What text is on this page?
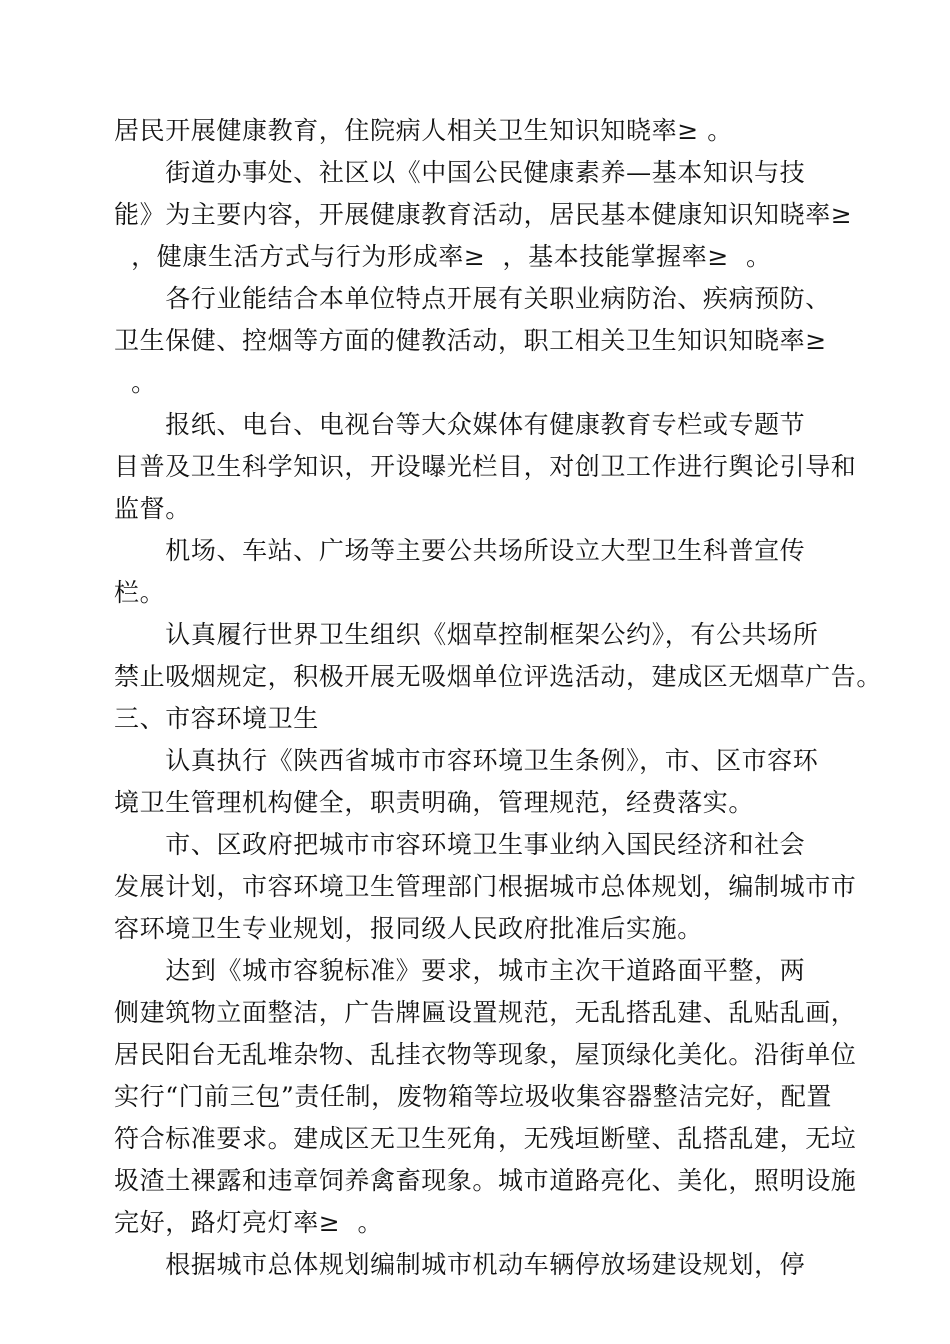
居民开展健康教育，住院病人相关卫生知识知晓率≥ 。
街道办事处、社区以《中国公民健康素养—基本知识与技
能》为主要内容，开展健康教育活动，居民基本健康知识知晓率≥
，健康生活方式与行为形成率≥  ，基本技能掌握率≥  。
各行业能结合本单位特点开展有关职业病防治、疾病预防、
卫生保健、控烟等方面的健教活动，职工相关卫生知识知晓率≥
。
报纸、电台、电视台等大众媒体有健康教育专栏或专题节
目普及卫生科学知识，开设曝光栏目，对创卫工作进行舆论引导和
监督。
机场、车站、广场等主要公共场所设立大型卫生科普宣传
栏。
认真履行世界卫生组织《烟草控制框架公约》，有公共场所
禁止吸烟规定，积极开展无吸烟单位评选活动，建成区无烟草广告。
三、市容环境卫生
认真执行《陕西省城市市容环境卫生条例》，市、区市容环
境卫生管理机构健全，职责明确，管理规范，经费落实。
市、区政府把城市市容环境卫生事业纳入国民经济和社会
发展计划，市容环境卫生管理部门根据城市总体规划，编制城市市
容环境卫生专业规划，报同级人民政府批准后实施。
达到《城市容貌标准》要求，城市主次干道路面平整，两
侧建筑物立面整洁，广告牌匾设置规范，无乱搭乱建、乱贴乱画，
居民阳台无乱堆杂物、乱挂衣物等现象，屋顶绿化美化。沿街单位
实行“门前三包”责任制，废物箱等垃圾收集容器整洁完好，配置
符合标准要求。建成区无卫生死角，无残垣断壁、乱搭乱建，无垃
圾渣土裸露和违章饲养禽畜现象。城市道路亮化、美化，照明设施
完好，路灯亮灯率≥  。
根据城市总体规划编制城市机动车辆停放场建设规划，停
